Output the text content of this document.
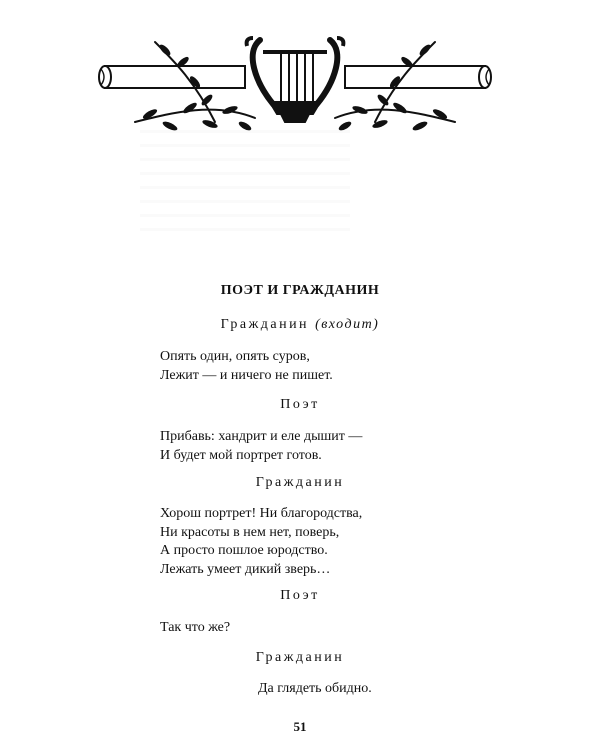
ПОЭТ И ГРАЖДАНИН
Гражданин (входит)
Опять один, опять суров,
Лежит — и ничего не пишет.
Поэт
Прибавь: хандрит и еле дышит —
И будет мой портрет готов.
Гражданин
Хорош портрет! Ни благородства,
Ни красоты в нем нет, поверь,
А просто пошлое юродство.
Лежать умеет дикий зверь…
Поэт
Так что же?
Гражданин
Да глядеть обидно.
51
